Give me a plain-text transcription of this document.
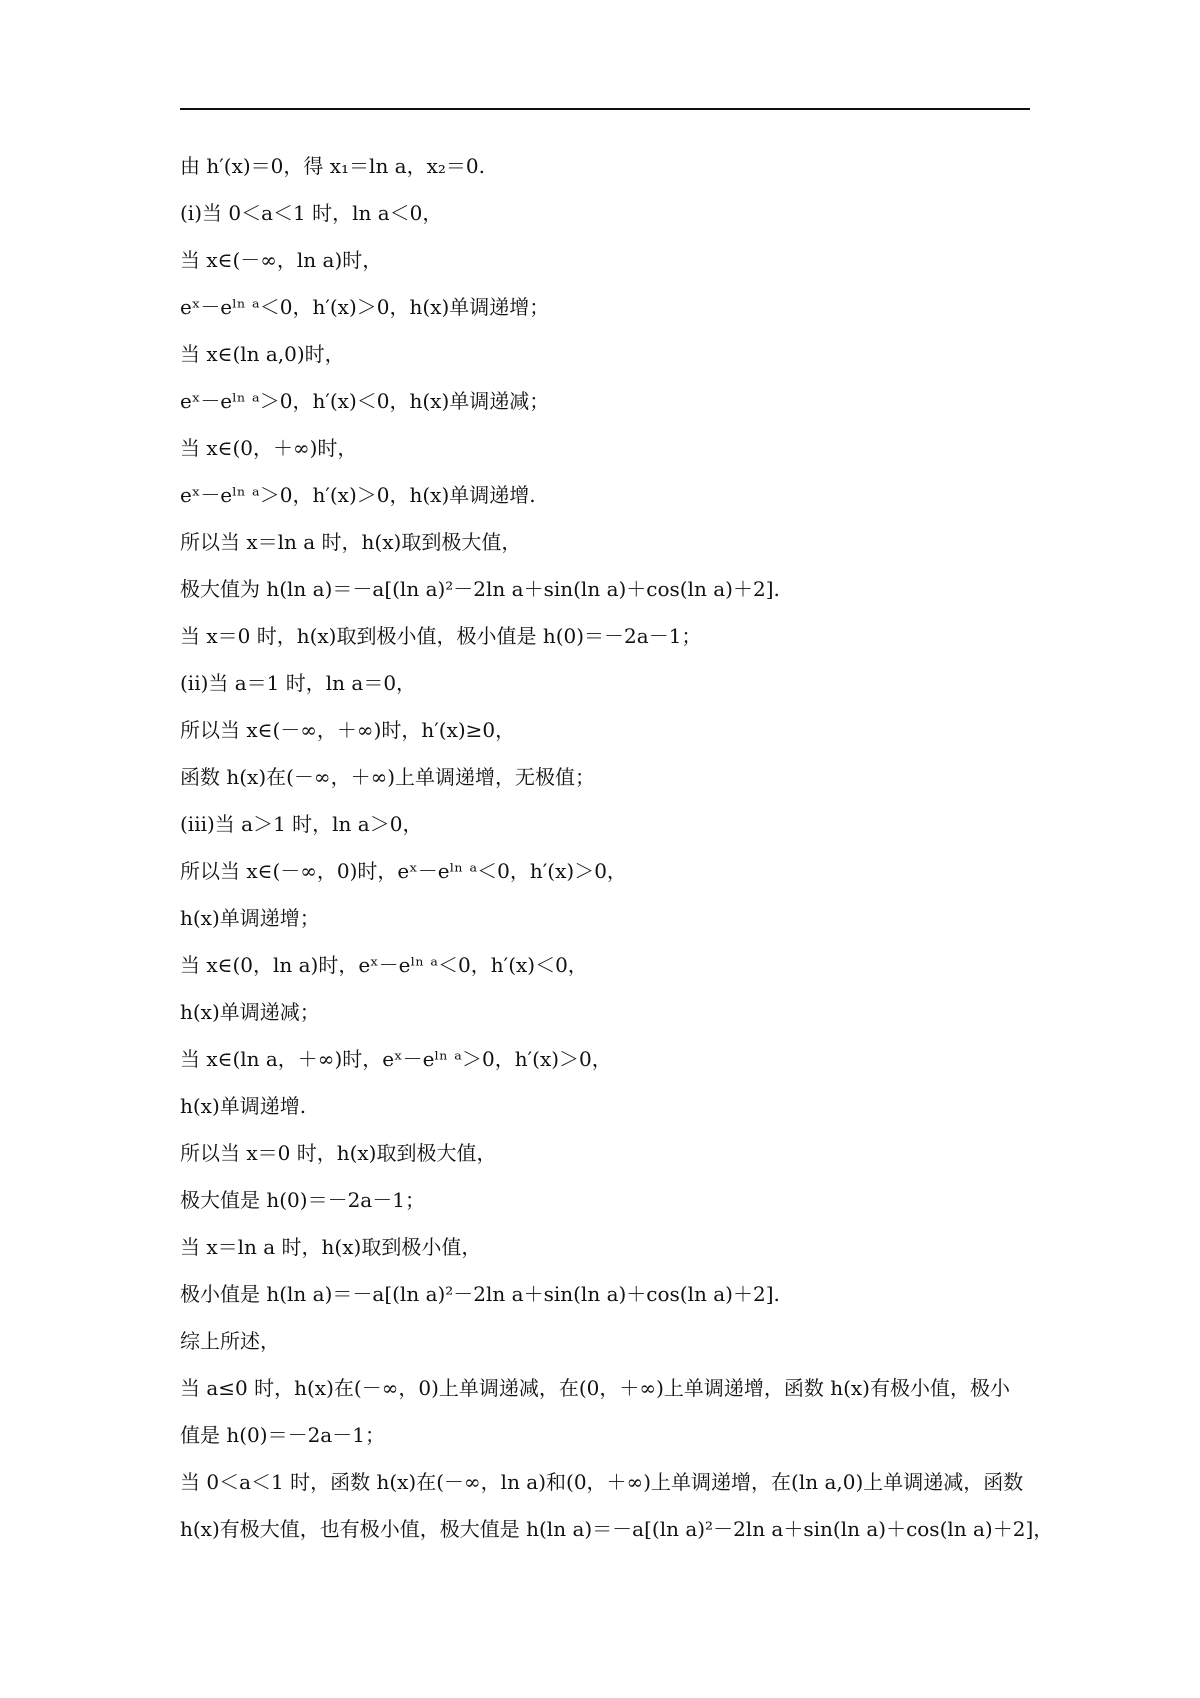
由 h′(x)＝0，得 x₁＝ln a，x₂＝0.
(i)当 0＜a＜1 时，ln a＜0，
当 x∈(－∞，ln a)时，
eˣ－eˡⁿ ᵃ＜0，h′(x)＞0，h(x)单调递增；
当 x∈(ln a,0)时，
eˣ－eˡⁿ ᵃ＞0，h′(x)＜0，h(x)单调递减；
当 x∈(0，＋∞)时，
eˣ－eˡⁿ ᵃ＞0，h′(x)＞0，h(x)单调递增.
所以当 x＝ln a 时，h(x)取到极大值，
极大值为 h(ln a)＝－a[(ln a)²－2ln a＋sin(ln a)＋cos(ln a)＋2].
当 x＝0 时，h(x)取到极小值，极小值是 h(0)＝－2a－1；
(ii)当 a＝1 时，ln a＝0，
所以当 x∈(－∞，＋∞)时，h′(x)≥0，
函数 h(x)在(－∞，＋∞)上单调递增，无极值；
(iii)当 a＞1 时，ln a＞0，
所以当 x∈(－∞，0)时，eˣ－eˡⁿ ᵃ＜0，h′(x)＞0，
h(x)单调递增；
当 x∈(0，ln a)时，eˣ－eˡⁿ ᵃ＜0，h′(x)＜0，
h(x)单调递减；
当 x∈(ln a，＋∞)时，eˣ－eˡⁿ ᵃ＞0，h′(x)＞0，
h(x)单调递增.
所以当 x＝0 时，h(x)取到极大值，
极大值是 h(0)＝－2a－1；
当 x＝ln a 时，h(x)取到极小值，
极小值是 h(ln a)＝－a[(ln a)²－2ln a＋sin(ln a)＋cos(ln a)＋2].
综上所述，
当 a≤0 时，h(x)在(－∞，0)上单调递减，在(0，＋∞)上单调递增，函数 h(x)有极小值，极小
值是 h(0)＝－2a－1；
当 0＜a＜1 时，函数 h(x)在(－∞，ln a)和(0，＋∞)上单调递增，在(ln a,0)上单调递减，函数
h(x)有极大值，也有极小值，极大值是 h(ln a)＝－a[(ln a)²－2ln a＋sin(ln a)＋cos(ln a)＋2]，
